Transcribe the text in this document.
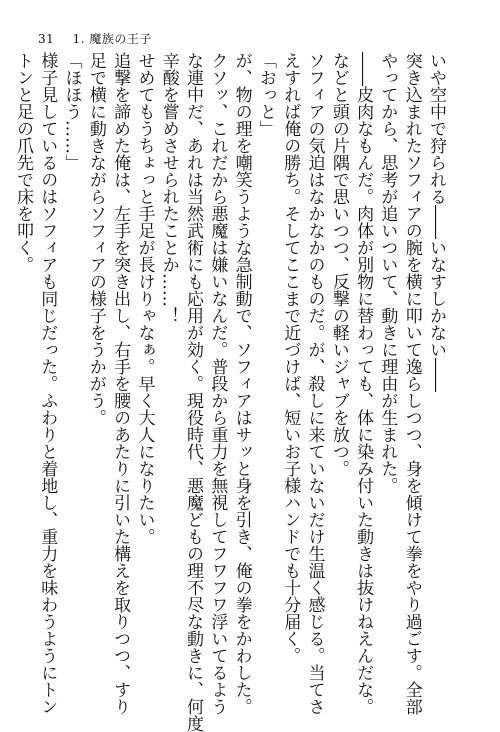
31 1. 魔族の王子

いや空中で狩られる――いなすしかない――

突き込まれたソフィアの腕を横に叩いて逸らしつつ、身を傾けて拳をやり過ごす。全部

やってから、思考が追いついて、動きに理由が生まれた。

――皮肉なもんだ。肉体が別物に替わっても、体に染み付いた動きは抜けねえんだな。

などと頭の片隅で思いつつ、反撃の軽いジャブを放つ。

ソフィアの気迫はなかなかのものだ。が、殺しに来ていないだけ生温く感じる。当てさ

えすれば俺の勝ち。そしてここまで近づけば、短いお子様ハンドでも十分届く。

「おっと」

が、物の理を嘲笑うような急制動で、ソフィアはサッと身を引き、俺の拳をかわした。

クソッ、これだから悪魔は嫌いなんだ。普段から重力を無視してフワフワ浮いてるよう

な連中だ、あれは当然武術にも応用が効く。現役時代、悪魔どもの理不尽な動きに、何度

辛酸を嘗めさせられたことか……！

せめてもうちょっと手足が長けりゃなぁ。早く大人になりたい。

追撃を諦めた俺は、左手を突き出し、右手を腰のあたりに引いた構えを取りつつ、すり

足で横に動きながらソフィアの様子をうかがう。

「ほほう……」

様子見しているのはソフィアも同じだった。ふわりと着地し、重力を味わうようにトン

トンと足の爪先で床を叩く。
